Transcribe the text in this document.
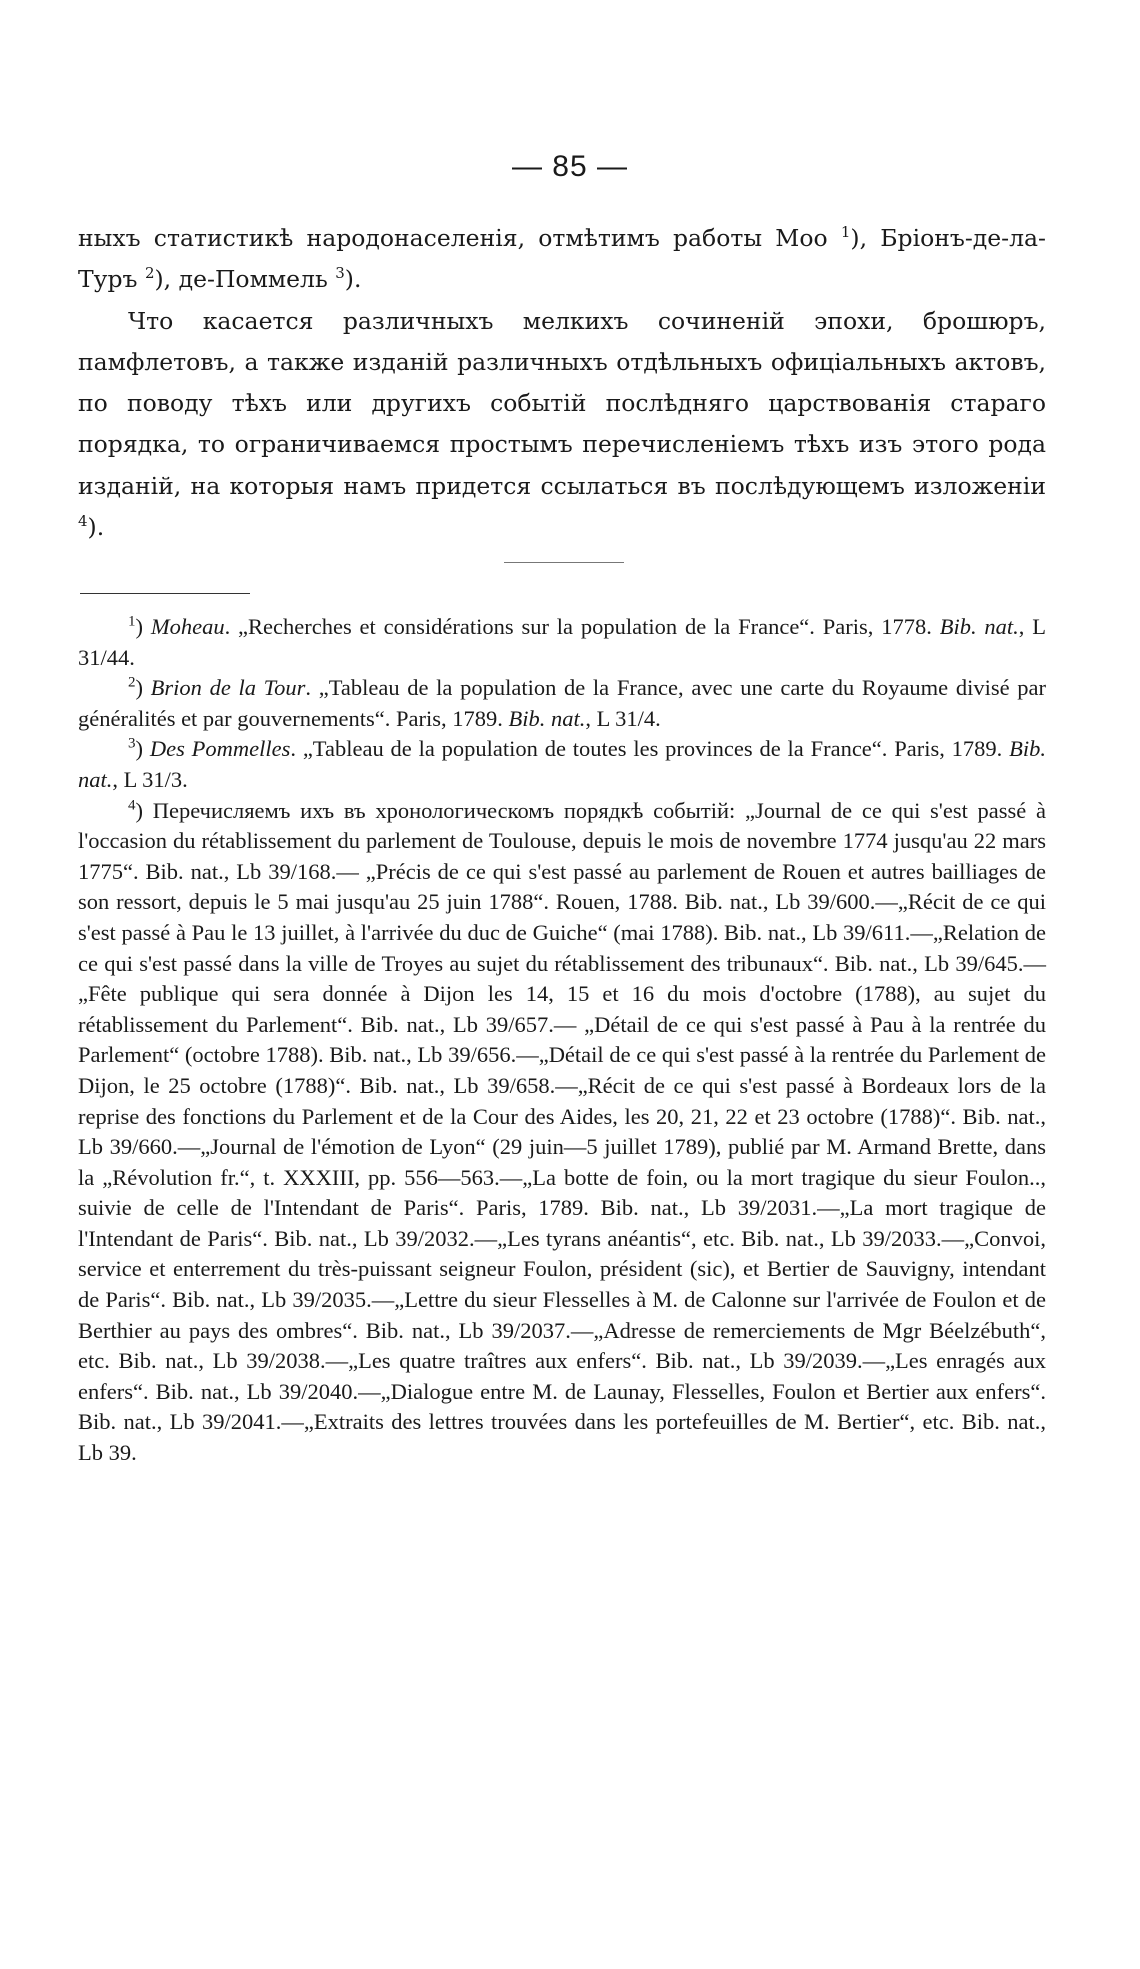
— 85 —

ныхъ статистикѣ народонаселенія, отмѣтимъ работы Моо $^1$), Бріонъ-де-ла-Туръ $^2$), де-Поммель $^3$).

Что касается различныхъ мелкихъ сочиненій эпохи, брошюръ, памфлетовъ, а также изданій различныхъ отдѣльныхъ офиціальныхъ актовъ, по поводу тѣхъ или другихъ событій послѣдняго царствованія стараго порядка, то ограничиваемся простымъ перечисленіемъ тѣхъ изъ этого рода изданій, на которыя намъ придется ссылаться въ послѣдующемъ изложеніи $^4$).

$^1$) Moheau. „Recherches et considérations sur la population de la France“. Paris, 1778. Bib. nat., L 31/44.

$^2$) Brion de la Tour. „Tableau de la population de la France, avec une carte du Royaume divisé par généralités et par gouvernements“. Paris, 1789. Bib. nat., L 31/4.

$^3$) Des Pommelles. „Tableau de la population de toutes les provinces de la France“. Paris, 1789. Bib. nat., L 31/3.

$^4$) Перечисляемъ ихъ въ хронологическомъ порядкѣ событій: „Journal de ce qui s'est passé à l'occasion du rétablissement du parlement de Toulouse, depuis le mois de novembre 1774 jusqu'au 22 mars 1775“. Bib. nat., Lb 39/168.— „Précis de ce qui s'est passé au parlement de Rouen et autres bailliages de son ressort, depuis le 5 mai jusqu'au 25 juin 1788“. Rouen, 1788. Bib. nat., Lb 39/600.—„Récit de ce qui s'est passé à Pau le 13 juillet, à l'arrivée du duc de Guiche“ (mai 1788). Bib. nat., Lb 39/611.—„Relation de ce qui s'est passé dans la ville de Troyes au sujet du rétablissement des tribunaux“. Bib. nat., Lb 39/645.—„Fête publique qui sera donnée à Dijon les 14, 15 et 16 du mois d'octobre (1788), au sujet du rétablissement du Parlement“. Bib. nat., Lb 39/657.— „Détail de ce qui s'est passé à Pau à la rentrée du Parlement“ (octobre 1788). Bib. nat., Lb 39/656.—„Détail de ce qui s'est passé à la rentrée du Parlement de Dijon, le 25 octobre (1788)“. Bib. nat., Lb 39/658.—„Récit de ce qui s'est passé à Bordeaux lors de la reprise des fonctions du Parlement et de la Cour des Aides, les 20, 21, 22 et 23 octobre (1788)“. Bib. nat., Lb 39/660.—„Journal de l'émotion de Lyon“ (29 juin—5 juillet 1789), publié par M. Armand Brette, dans la „Révolution fr.“, t. XXXIII, pp. 556—563.—„La botte de foin, ou la mort tragique du sieur Foulon.., suivie de celle de l'Intendant de Paris“. Paris, 1789. Bib. nat., Lb 39/2031.—„La mort tragique de l'Intendant de Paris“. Bib. nat., Lb 39/2032.—„Les tyrans anéantis“, etc. Bib. nat., Lb 39/2033.—„Convoi, service et enterrement du très-puissant seigneur Foulon, président (sic), et Bertier de Sauvigny, intendant de Paris“. Bib. nat., Lb 39/2035.—„Lettre du sieur Flesselles à M. de Calonne sur l'arrivée de Foulon et de Berthier au pays des ombres“. Bib. nat., Lb 39/2037.—„Adresse de remerciements de Mgr Béelzébuth“, etc. Bib. nat., Lb 39/2038.—„Les quatre traîtres aux enfers“. Bib. nat., Lb 39/2039.—„Les enragés aux enfers“. Bib. nat., Lb 39/2040.—„Dialogue entre M. de Launay, Flesselles, Foulon et Bertier aux enfers“. Bib. nat., Lb 39/2041.—„Extraits des lettres trouvées dans les portefeuilles de M. Bertier“, etc. Bib. nat., Lb 39.
